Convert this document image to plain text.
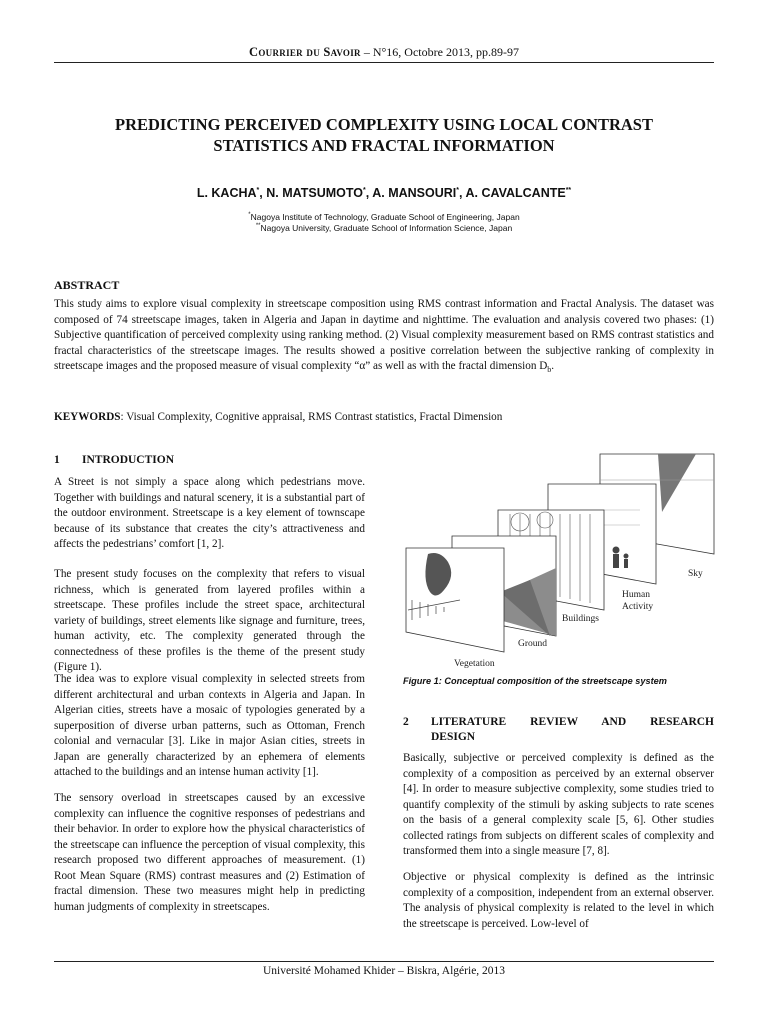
Courrier du Savoir – N°16, Octobre 2013, pp.89-97
PREDICTING PERCEIVED COMPLEXITY USING LOCAL CONTRAST
STATISTICS AND FRACTAL INFORMATION
L. KACHA*, N. MATSUMOTO*, A. MANSOURI*, A. CAVALCANTE**
*Nagoya Institute of Technology, Graduate School of Engineering, Japan
**Nagoya University, Graduate School of Information Science, Japan
ABSTRACT
This study aims to explore visual complexity in streetscape composition using RMS contrast information and Fractal Analysis. The dataset was composed of 74 streetscape images, taken in Algeria and Japan in daytime and nighttime. The evaluation and analysis covered two phases: (1) Subjective quantification of perceived complexity using ranking method. (2) Visual complexity measurement based on RMS contrast statistics and fractal characteristics of the streetscape images. The results showed a positive correlation between the subjective ranking of complexity in streetscape images and the proposed measure of visual complexity “α” as well as with the fractal dimension $D_b$.
KEYWORDS: Visual Complexity, Cognitive appraisal, RMS Contrast statistics, Fractal Dimension
1 INTRODUCTION

A Street is not simply a space along which pedestrians move. Together with buildings and natural scenery, it is a substantial part of the outdoor environment. Streetscape is a key element of townscape because of its substance that creates the city’s attractiveness and affects the pedestrians’ comfort [1, 2].

The present study focuses on the complexity that refers to visual richness, which is generated from layered profiles within a streetscape. These profiles include the street space, architectural variety of buildings, street elements like signage and furniture, trees, human activity, etc. The complexity generated through the connectedness of these profiles is the theme of the present study (Figure 1).

The idea was to explore visual complexity in selected streets from different architectural and urban contexts in Algeria and Japan. In Algerian cities, streets have a mosaic of typologies generated by a superposition of diverse urban patterns, such as Ottoman, French colonial and vernacular [3]. Like in major Asian cities, streets in Japan are generally characterized by an ephemera of elements attached to the buildings and an intense human activity [1].

The sensory overload in streetscapes caused by an excessive complexity can influence the cognitive responses of pedestrians and their behavior. In order to explore how the physical characteristics of the streetscape can influence the perception of visual complexity, this research proposed two different approaches of measurement. (1) Root Mean Square (RMS) contrast measures and (2) Estimation of fractal dimension. These two measures might help in predicting human judgments of complexity in streetscapes.

Sky
Human
Activity
Buildings
Ground
Vegetation
Figure 1: Conceptual composition of the streetscape system
2	LITERATURE REVIEW AND RESEARCH
DESIGN

Basically, subjective or perceived complexity is defined as the complexity of a composition as perceived by an external observer [4]. In order to measure subjective complexity, some studies tried to quantify complexity of the stimuli by asking subjects to rate scenes on the basis of a general complexity scale [5, 6]. Other studies collected ratings from subjects on different scales of complexity and transformed them into a single measure [7, 8].

Objective or physical complexity is defined as the intrinsic complexity of a composition, independent from an external observer. The analysis of physical complexity is related to the level in which the streetscape is perceived. Low-level of

Université Mohamed Khider – Biskra, Algérie, 2013
